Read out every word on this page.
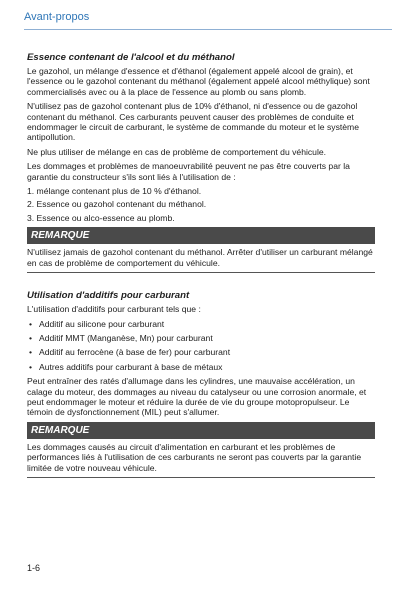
Avant-propos
Essence contenant de l'alcool et du méthanol

Le gazohol, un mélange d'essence et d'éthanol (également appelé alcool de grain), et l'essence ou le gazohol contenant du méthanol (également appelé alcool méthylique) sont commercialisés avec ou à la place de l'essence au plomb ou sans plomb.

N'utilisez pas de gazohol contenant plus de 10% d'éthanol, ni d'essence ou de gazohol contenant du méthanol. Ces carburants peuvent causer des problèmes de conduite et endommager le circuit de carburant, le système de commande du moteur et le système antipollution.

Ne plus utiliser de mélange en cas de problème de comportement du véhicule.

Les dommages et problèmes de manoeuvrabilité peuvent ne pas être couverts par la garantie du constructeur s'ils sont liés à l'utilisation de :

1. mélange contenant plus de 10 % d'éthanol.
2. Essence ou gazohol contenant du méthanol.
3. Essence ou alco-essence au plomb.
REMARQUE
N'utilisez jamais de gazohol contenant du méthanol. Arrêter d'utiliser un carburant mélangé en cas de problème de comportement du véhicule.
Utilisation d'additifs pour carburant

L'utilisation d'additifs pour carburant tels que :

• Additif au silicone pour carburant
• Additif MMT (Manganèse, Mn) pour carburant
• Additif au ferrocène (à base de fer) pour carburant
• Autres additifs pour carburant à base de métaux

Peut entraîner des ratés d'allumage dans les cylindres, une mauvaise accélération, un calage du moteur, des dommages au niveau du catalyseur ou une corrosion anormale, et peut endommager le moteur et réduire la durée de vie du groupe motopropulseur. Le témoin de dysfonctionnement (MIL) peut s'allumer.

REMARQUE
Les dommages causés au circuit d'alimentation en carburant et les problèmes de performances liés à l'utilisation de ces carburants ne seront pas couverts par la garantie limitée de votre nouveau véhicule.
1-6
